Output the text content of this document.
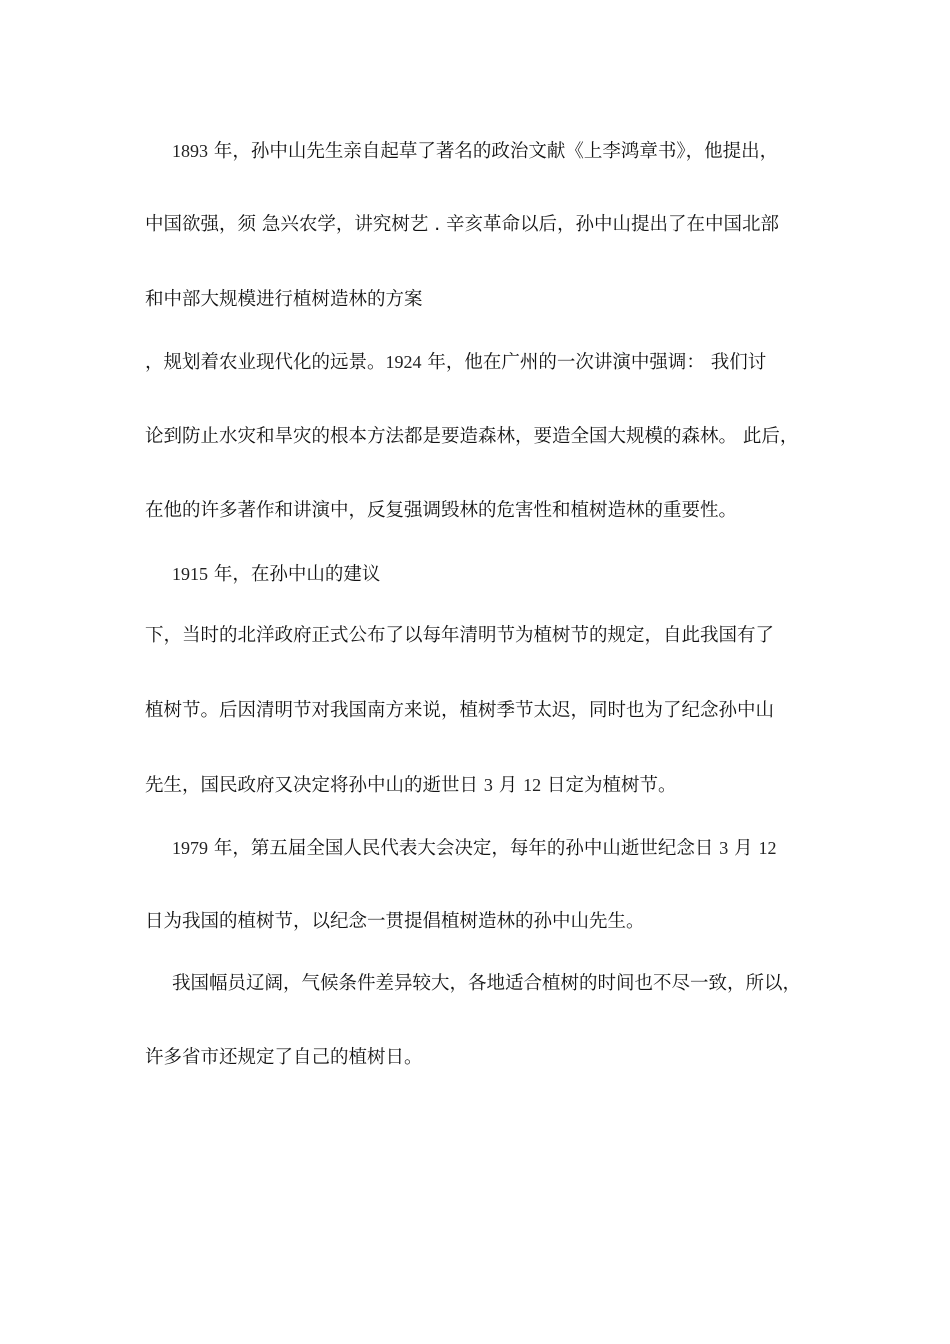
1893 年，孙中山先生亲自起草了著名的政治文献《上李鸿章书》，他提出，
中国欲强，须 急兴农学，讲究树艺 . 辛亥革命以后，孙中山提出了在中国北部
和中部大规模进行植树造林的方案
，规划着农业现代化的远景。1924 年，他在广州的一次讲演中强调： 我们讨
论到防止水灾和旱灾的根本方法都是要造森林，要造全国大规模的森林。 此后，
在他的许多著作和讲演中，反复强调毁林的危害性和植树造林的重要性。
1915 年，在孙中山的建议
下，当时的北洋政府正式公布了以每年清明节为植树节的规定，自此我国有了
植树节。后因清明节对我国南方来说，植树季节太迟，同时也为了纪念孙中山
先生，国民政府又决定将孙中山的逝世日 3 月 12 日定为植树节。
1979 年，第五届全国人民代表大会决定，每年的孙中山逝世纪念日 3 月 12
日为我国的植树节，以纪念一贯提倡植树造林的孙中山先生。
我国幅员辽阔，气候条件差异较大，各地适合植树的时间也不尽一致，所以，
许多省市还规定了自己的植树日。
